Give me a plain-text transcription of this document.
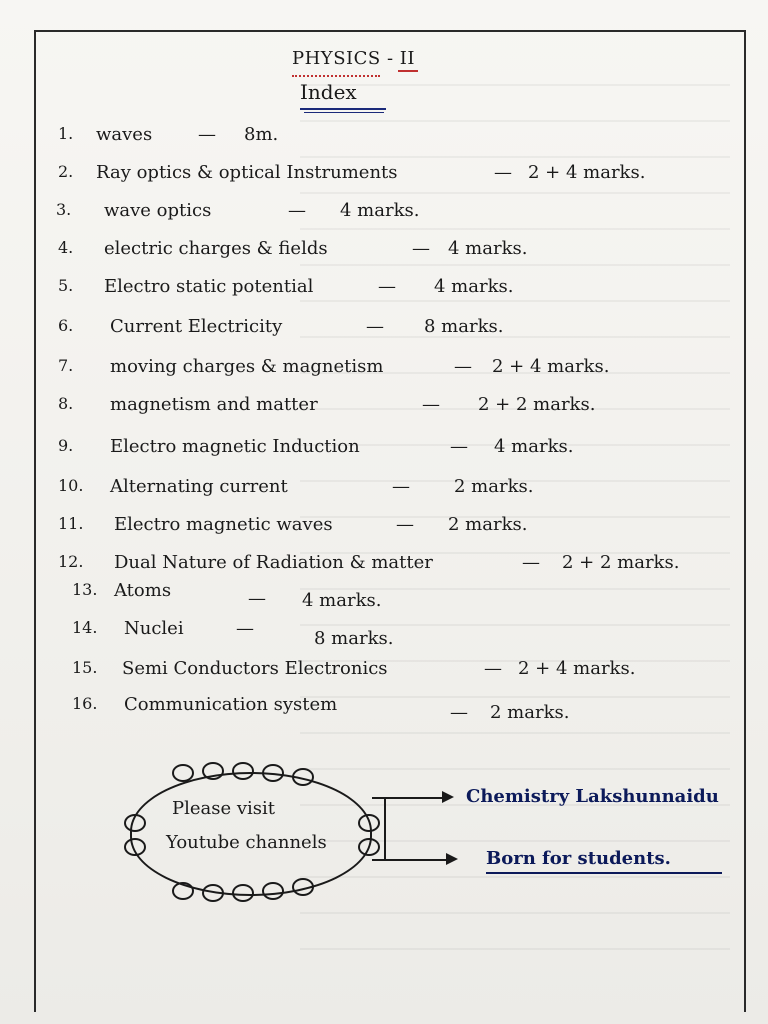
PHYSICS - II
Index
1. waves	— 8m.
2. Ray optics & optical Instruments	— 2 + 4 marks.
3. wave optics	— 4 marks.
4. electric charges & fields	— 4 marks.
5. Electro static potential	— 4 marks.
6. Current Electricity	— 8 marks.
7. moving charges & magnetism	— 2 + 4 marks.
8. magnetism and matter	— 2 + 2 marks.
9. Electro magnetic Induction	— 4 marks.
10. Alternating current	— 2 marks.
11. Electro magnetic waves	— 2 marks.
12. Dual Nature of Radiation & matter	— 2 + 2 marks.
13. Atoms	— 4 marks.
14. Nuclei	—	8 marks.
15. Semi Conductors Electronics	— 2 + 4 marks.
16. Communication system	— 2 marks.
Please visit
Youtube channels
Chemistry Lakshunnaidu
Born for students.
